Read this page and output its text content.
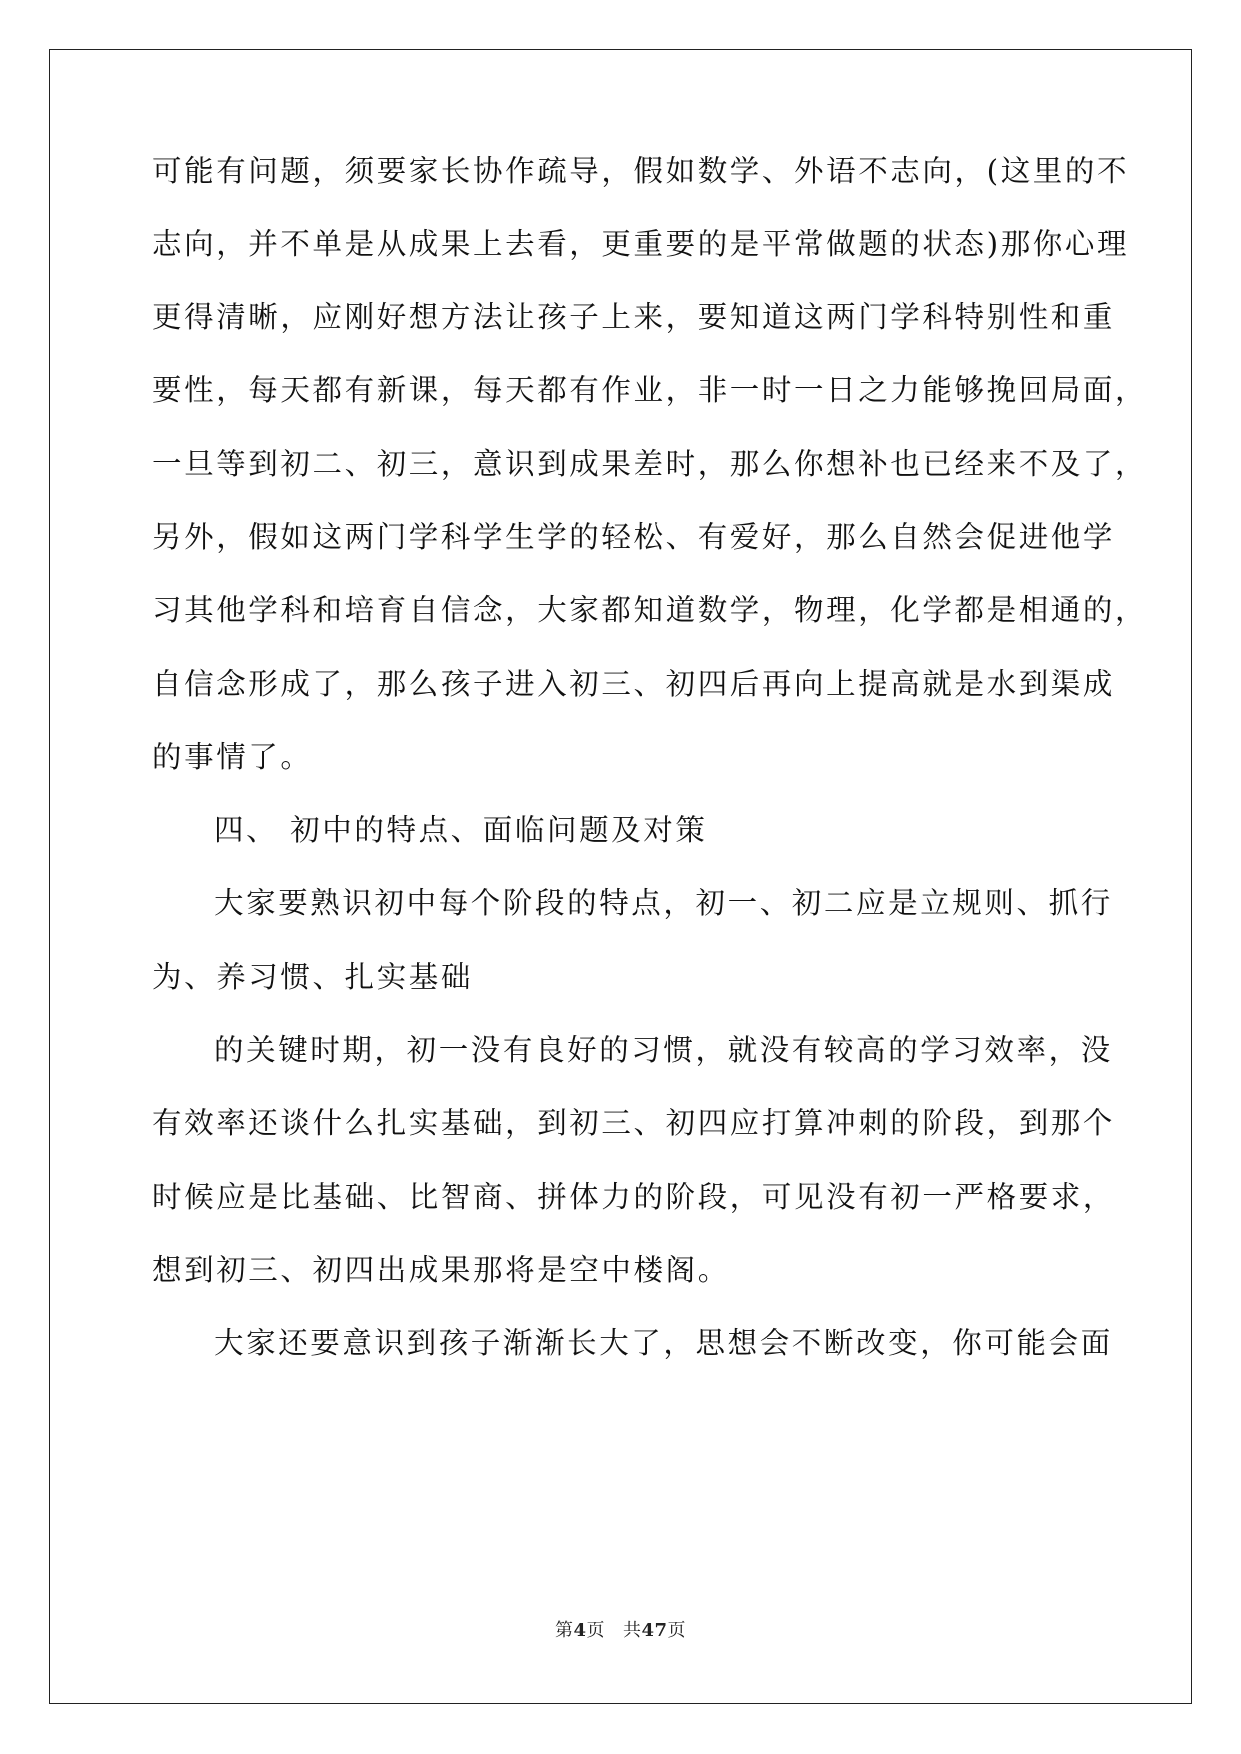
可能有问题，须要家长协作疏导，假如数学、外语不志向，(这里的不
志向，并不单是从成果上去看，更重要的是平常做题的状态)那你心理
更得清晰，应刚好想方法让孩子上来，要知道这两门学科特别性和重
要性，每天都有新课，每天都有作业，非一时一日之力能够挽回局面，
一旦等到初二、初三，意识到成果差时，那么你想补也已经来不及了，
另外，假如这两门学科学生学的轻松、有爱好，那么自然会促进他学
习其他学科和培育自信念，大家都知道数学，物理，化学都是相通的，
自信念形成了，那么孩子进入初三、初四后再向上提高就是水到渠成
的事情了。
四、 初中的特点、面临问题及对策
大家要熟识初中每个阶段的特点，初一、初二应是立规则、抓行
为、养习惯、扎实基础
的关键时期，初一没有良好的习惯，就没有较高的学习效率，没
有效率还谈什么扎实基础，到初三、初四应打算冲刺的阶段，到那个
时候应是比基础、比智商、拼体力的阶段，可见没有初一严格要求，
想到初三、初四出成果那将是空中楼阁。
大家还要意识到孩子渐渐长大了，思想会不断改变，你可能会面
第4页 共47页
